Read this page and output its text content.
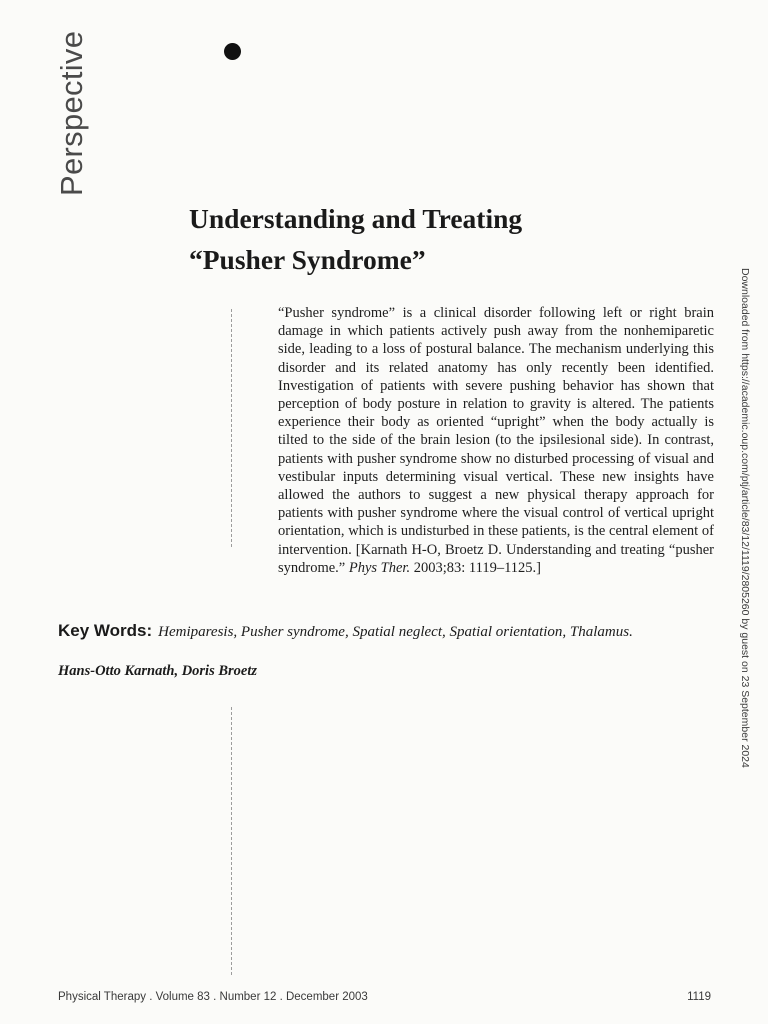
Perspective
Understanding and Treating
“Pusher Syndrome”

“Pusher syndrome” is a clinical disorder following left or right brain damage in which patients actively push away from the nonhemiparetic side, leading to a loss of postural balance. The mechanism underlying this disorder and its related anatomy has only recently been identified. Investigation of patients with severe pushing behavior has shown that perception of body posture in relation to gravity is altered. The patients experience their body as oriented “upright” when the body actually is tilted to the side of the brain lesion (to the ipsilesional side). In contrast, patients with pusher syndrome show no disturbed processing of visual and vestibular inputs determining visual vertical. These new insights have allowed the authors to suggest a new physical therapy approach for patients with pusher syndrome where the visual control of vertical upright orientation, which is undisturbed in these patients, is the central element of intervention. [Karnath H-O, Broetz D. Understanding and treating “pusher syndrome.” Phys Ther. 2003;83: 1119–1125.]

Key Words: Hemiparesis, Pusher syndrome, Spatial neglect, Spatial orientation, Thalamus.

Hans-Otto Karnath, Doris Broetz	Downloaded from https://academic.oup.com/ptj/article/83/12/1119/2805260 by guest on 23 September 2024
Physical Therapy . Volume 83 . Number 12 . December 2003	1119
